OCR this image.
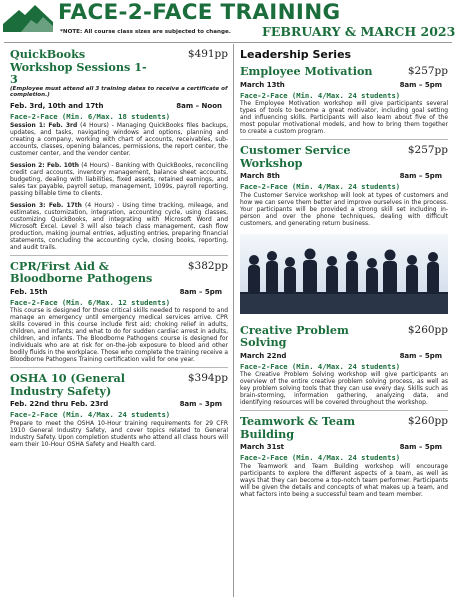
FACE-2-FACE TRAINING
*NOTE: All course class sizes are subjected to change. FEBRUARY & MARCH 2023
QuickBooks Workshop Sessions 1-3
$491pp
(Employee must attend all 3 training dates to receive a certificate of completion.)
Feb. 3rd, 10th and 17th	8am – Noon
Face-2-Face (Min. 6/Max. 18 students)
Session 1: Feb. 3rd (4 Hours) - Managing QuickBooks files backups, updates, and tasks, navigating windows and options, planning and creating a company, working with chart of accounts, receivables, sub-accounts, classes, opening balances, permissions, the report center, the customer center, and the vendor center.
Session 2: Feb. 10th (4 Hours) - Banking with QuickBooks, reconciling credit card accounts, inventory management, balance sheet accounts, budgeting, dealing with liabilities, fixed assets, retained earnings, and sales tax payable, payroll setup, management, 1099s, payroll reporting, passing billable time to clients.
Session 3: Feb. 17th (4 Hours) - Using time tracking, mileage, and estimates, customization, integration, accounting cycle, using classes, customizing QuickBooks, and integrating with Microsoft Word and Microsoft Excel. Level 3 will also teach class management, cash flow production, making journal entries, adjusting entries, preparing financial statements, concluding the accounting cycle, closing books, reporting, and audit trails.
CPR/First Aid & Bloodborne Pathogens
$382pp
Feb. 15th	8am – 5pm
Face-2-Face (Min. 6/Max. 12 students)
This course is designed for those critical skills needed to respond to and manage an emergency until emergency medical services arrive. CPR skills covered in this course include first aid; choking relief in adults, children, and infants; and what to do for sudden cardiac arrest in adults, children, and infants. The Bloodborne Pathogens course is designed for individuals who are at risk for on-the-job exposure to blood and other bodily fluids in the workplace. Those who complete the training receive a Bloodborne Pathogens Training certification valid for one year.
OSHA 10 (General Industry Safety)
$394pp
Feb. 22nd thru Feb. 23rd	8am – 3pm
Face-2-Face (Min. 4/Max. 24 students)
Prepare to meet the OSHA 10-Hour training requirements for 29 CFR 1910 General Industry Safety, and cover topics related to General Industry Safety. Upon completion students who attend all class hours will earn their 10-Hour OSHA Safety and Health card.
Leadership Series
Employee Motivation	$257pp
March 13th	8am – 5pm
Face-2-Face (Min. 4/Max. 24 students)
The Employee Motivation workshop will give participants several types of tools to become a great motivator, including goal setting and influencing skills. Participants will also learn about five of the most popular motivational models, and how to bring them together to create a custom program.
Customer Service Workshop
$257pp
March 8th	8am – 5pm
Face-2-Face (Min. 4/Max. 24 students)
The Customer Service workshop will look at types of customers and how we can serve them better and improve ourselves in the process. Your participants will be provided a strong skill set including in-person and over the phone techniques, dealing with difficult customers, and generating return business.
Creative Problem Solving
$260pp
March 22nd	8am – 5pm
Face-2-Face (Min. 4/Max. 24 students)
The Creative Problem Solving workshop will give participants an overview of the entire creative problem solving process, as well as key problem solving tools that they can use every day. Skills such as brain-storming, information gathering, analyzing data, and identifying resources will be covered throughout the workshop.
Teamwork & Team Building
$260pp
March 31st	8am – 5pm
Face-2-Face (Min. 4/Max. 24 students)
The Teamwork and Team Building workshop will encourage participants to explore the different aspects of a team, as well as ways that they can become a top-notch team performer. Participants will be given the details and concepts of what makes up a team, and what factors into being a successful team and team member.
